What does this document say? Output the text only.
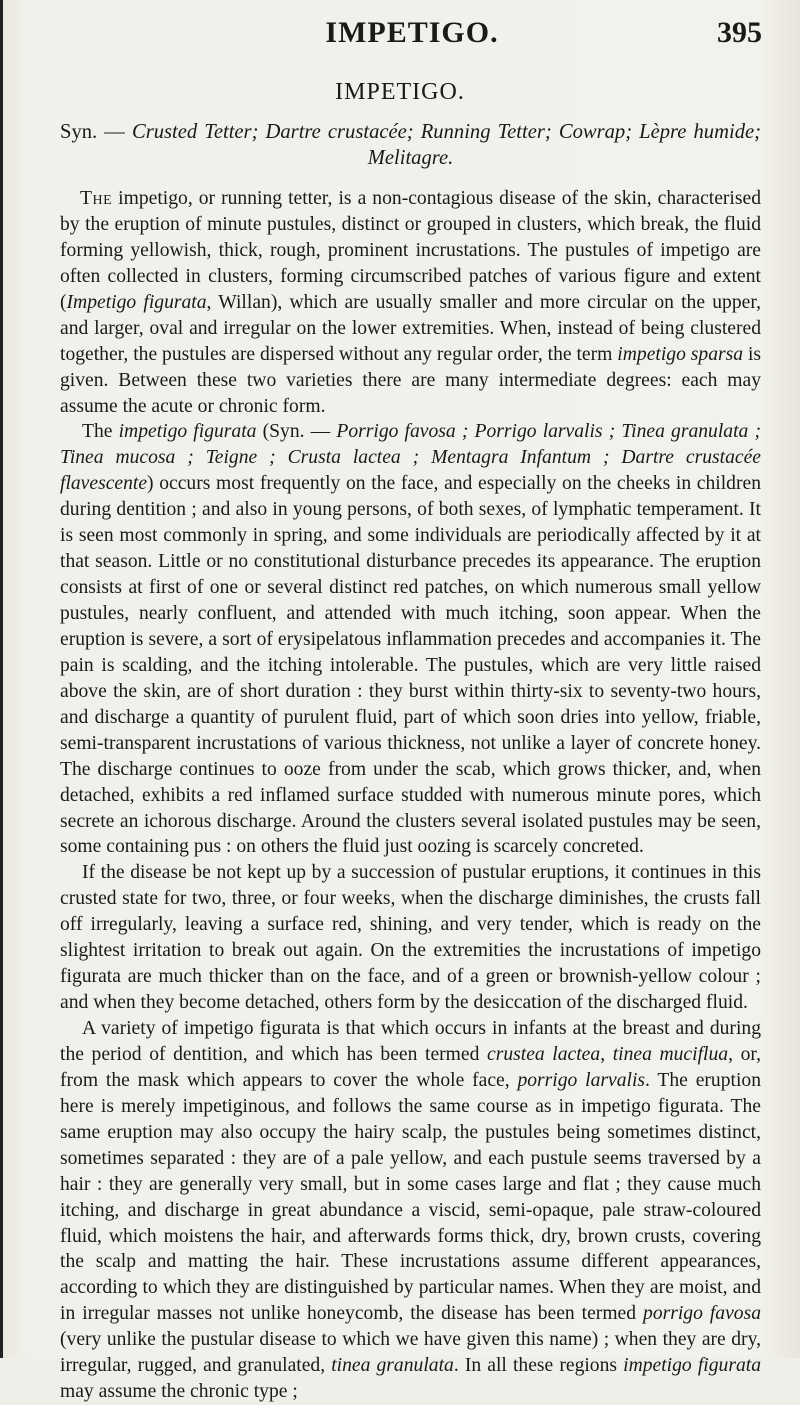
IMPETIGO.	395
IMPETIGO.
Syn. — Crusted Tetter; Dartre crustacée; Running Tetter; Cowrap; Lèpre humide; Melitagre.

The impetigo, or running tetter, is a non-contagious disease of the skin, characterised by the eruption of minute pustules, distinct or grouped in clusters, which break, the fluid forming yellowish, thick, rough, prominent incrustations. The pustules of impetigo are often collected in clusters, forming circumscribed patches of various figure and extent (Impetigo figurata, Willan), which are usually smaller and more circular on the upper, and larger, oval and irregular on the lower extremities. When, instead of being clustered together, the pustules are dispersed without any regular order, the term impetigo sparsa is given. Between these two varieties there are many intermediate degrees: each may assume the acute or chronic form.

The impetigo figurata (Syn. — Porrigo favosa ; Porrigo larvalis ; Tinea granulata ; Tinea mucosa ; Teigne ; Crusta lactea ; Mentagra Infantum ; Dartre crustacée flavescente) occurs most frequently on the face, and especially on the cheeks in children during dentition ; and also in young persons, of both sexes, of lymphatic temperament. It is seen most commonly in spring, and some individuals are periodically affected by it at that season. Little or no constitutional disturbance precedes its appearance. The eruption consists at first of one or several distinct red patches, on which numerous small yellow pustules, nearly confluent, and attended with much itching, soon appear. When the eruption is severe, a sort of erysipelatous inflammation precedes and accompanies it. The pain is scalding, and the itching intolerable. The pustules, which are very little raised above the skin, are of short duration : they burst within thirty-six to seventy-two hours, and discharge a quantity of purulent fluid, part of which soon dries into yellow, friable, semi-transparent incrustations of various thickness, not unlike a layer of concrete honey. The discharge continues to ooze from under the scab, which grows thicker, and, when detached, exhibits a red inflamed surface studded with numerous minute pores, which secrete an ichorous discharge. Around the clusters several isolated pustules may be seen, some containing pus : on others the fluid just oozing is scarcely concreted.

If the disease be not kept up by a succession of pustular eruptions, it continues in this crusted state for two, three, or four weeks, when the discharge diminishes, the crusts fall off irregularly, leaving a surface red, shining, and very tender, which is ready on the slightest irritation to break out again. On the extremities the incrustations of impetigo figurata are much thicker than on the face, and of a green or brownish-yellow colour ; and when they become detached, others form by the desiccation of the discharged fluid.

A variety of impetigo figurata is that which occurs in infants at the breast and during the period of dentition, and which has been termed crustea lactea, tinea muciflua, or, from the mask which appears to cover the whole face, porrigo larvalis. The eruption here is merely impetiginous, and follows the same course as in impetigo figurata. The same eruption may also occupy the hairy scalp, the pustules being sometimes distinct, sometimes separated : they are of a pale yellow, and each pustule seems traversed by a hair : they are generally very small, but in some cases large and flat ; they cause much itching, and discharge in great abundance a viscid, semi-opaque, pale straw-coloured fluid, which moistens the hair, and afterwards forms thick, dry, brown crusts, covering the scalp and matting the hair. These incrustations assume different appearances, according to which they are distinguished by particular names. When they are moist, and in irregular masses not unlike honeycomb, the disease has been termed porrigo favosa (very unlike the pustular disease to which we have given this name) ; when they are dry, irregular, rugged, and granulated, tinea granulata. In all these regions impetigo figurata may assume the chronic type ;
